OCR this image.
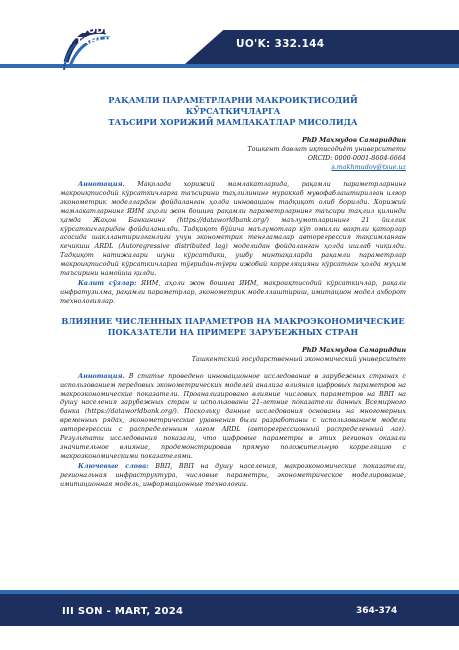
IQTISODIY TARAQQIYOT
VA TAHLIL
ILMIY ELEKTRON JURNAL	UO'K: 332.144
РАҚАМЛИ ПАРАМЕТРЛАРНИ МАКРОИҚТИСОДИЙ КЎРСАТКИЧЛАРГА
ТАЪСИРИ ХОРИЖИЙ МАМЛАКАТЛАР МИСОЛИДА
PhD Махмудов Самариддин
Тошкент давлат иқтисодиёт университети
ORCID: 0000-0001-8604-6664
s.makhmudov@tsue.uz
Аннотация. Мақолада хорижий мамлакатларида, рақамли параметрларнинг макроиқтисодий кўрсаткичларга таъсирини таҳлилининг мураккаб мувофаблаштирилган илғор эконометрик моделлардан фойдаланган ҳолда инновацион тадқиқот олиб борилди. Хорижий мамлакатларнинг ЯИМ аҳоли жон бошига рақамли параметрларнинг таъсири таҳлил қилинди ҳамда Жаҳон Банкининг (https://dataworldbank.org/) маълумотларининг 21 йиллик кўрсаткичларидан фойдаланилди. Тадқиқот бўйича маълумотлар кўп омилли вақтли қаторлар асосида шакллантирилганлиги учун эконометрик тенгламалар авторегрессия тақсимланган кечикиш ARDL (Autoregressive distributed lag) моделидан фойдаланган ҳолда ишлаб чиқилди. Тадқиқот натижалари шуни кўрсатдики, ушбу минтақаларда рақамли параметрлар макроиқтисодий кўрсаткичларга тўғридан-тўғри ижобий корреляцияни кўрсатган ҳолда муҳим таъсирини намойиш қилди.
Калит сўзлар: ЯИМ, аҳоли жон бошига ЯИМ, макроиқтисодий кўрсаткичлар, рақали инфратузилма, рақамли параметрлар, эконометрик моделлаштириш, имитацион модел ахборот технологиялар.
ВЛИЯНИЕ ЧИСЛЕННЫХ ПАРАМЕТРОВ НА МАКРОЭКОНОМИЧЕСКИЕ
ПОКАЗАТЕЛИ НА ПРИМЕРЕ ЗАРУБЕЖНЫХ СТРАН
PhD Махмудов Самариддин
Ташкентский государственный экономический университет
Аннотация. В статье проведено инновационное исследование в зарубежных странах с использованием передовых эконометрических моделей анализа влияния цифровых параметров на макроэкономические показатели. Проанализировано влияние числовых параметров на ВВП на душу населения зарубежных стран и использованы 21-летние показатели данных Всемирного банка (https://dataworldbank.org/). Поскольку данные исследования основаны на многомерных временных рядах, эконометрические уравнения были разработаны с использованием модели авторегрессии с распределенным лагом ARDL (авторегрессионный распределенный лаг). Результаты исследования показали, что цифровые параметры в этих регионах оказали значительное влияние, продемонстрировав прямую положительную корреляцию с макроэкономическими показателями.
Ключевые слова: ВВП, ВВП на душу населения, макроэкономические показатели, региональная инфраструктура, числовые параметры, эконометрическое моделирование, имитационная модель, информационные технологии.
III SON - MART, 2024	364-374
